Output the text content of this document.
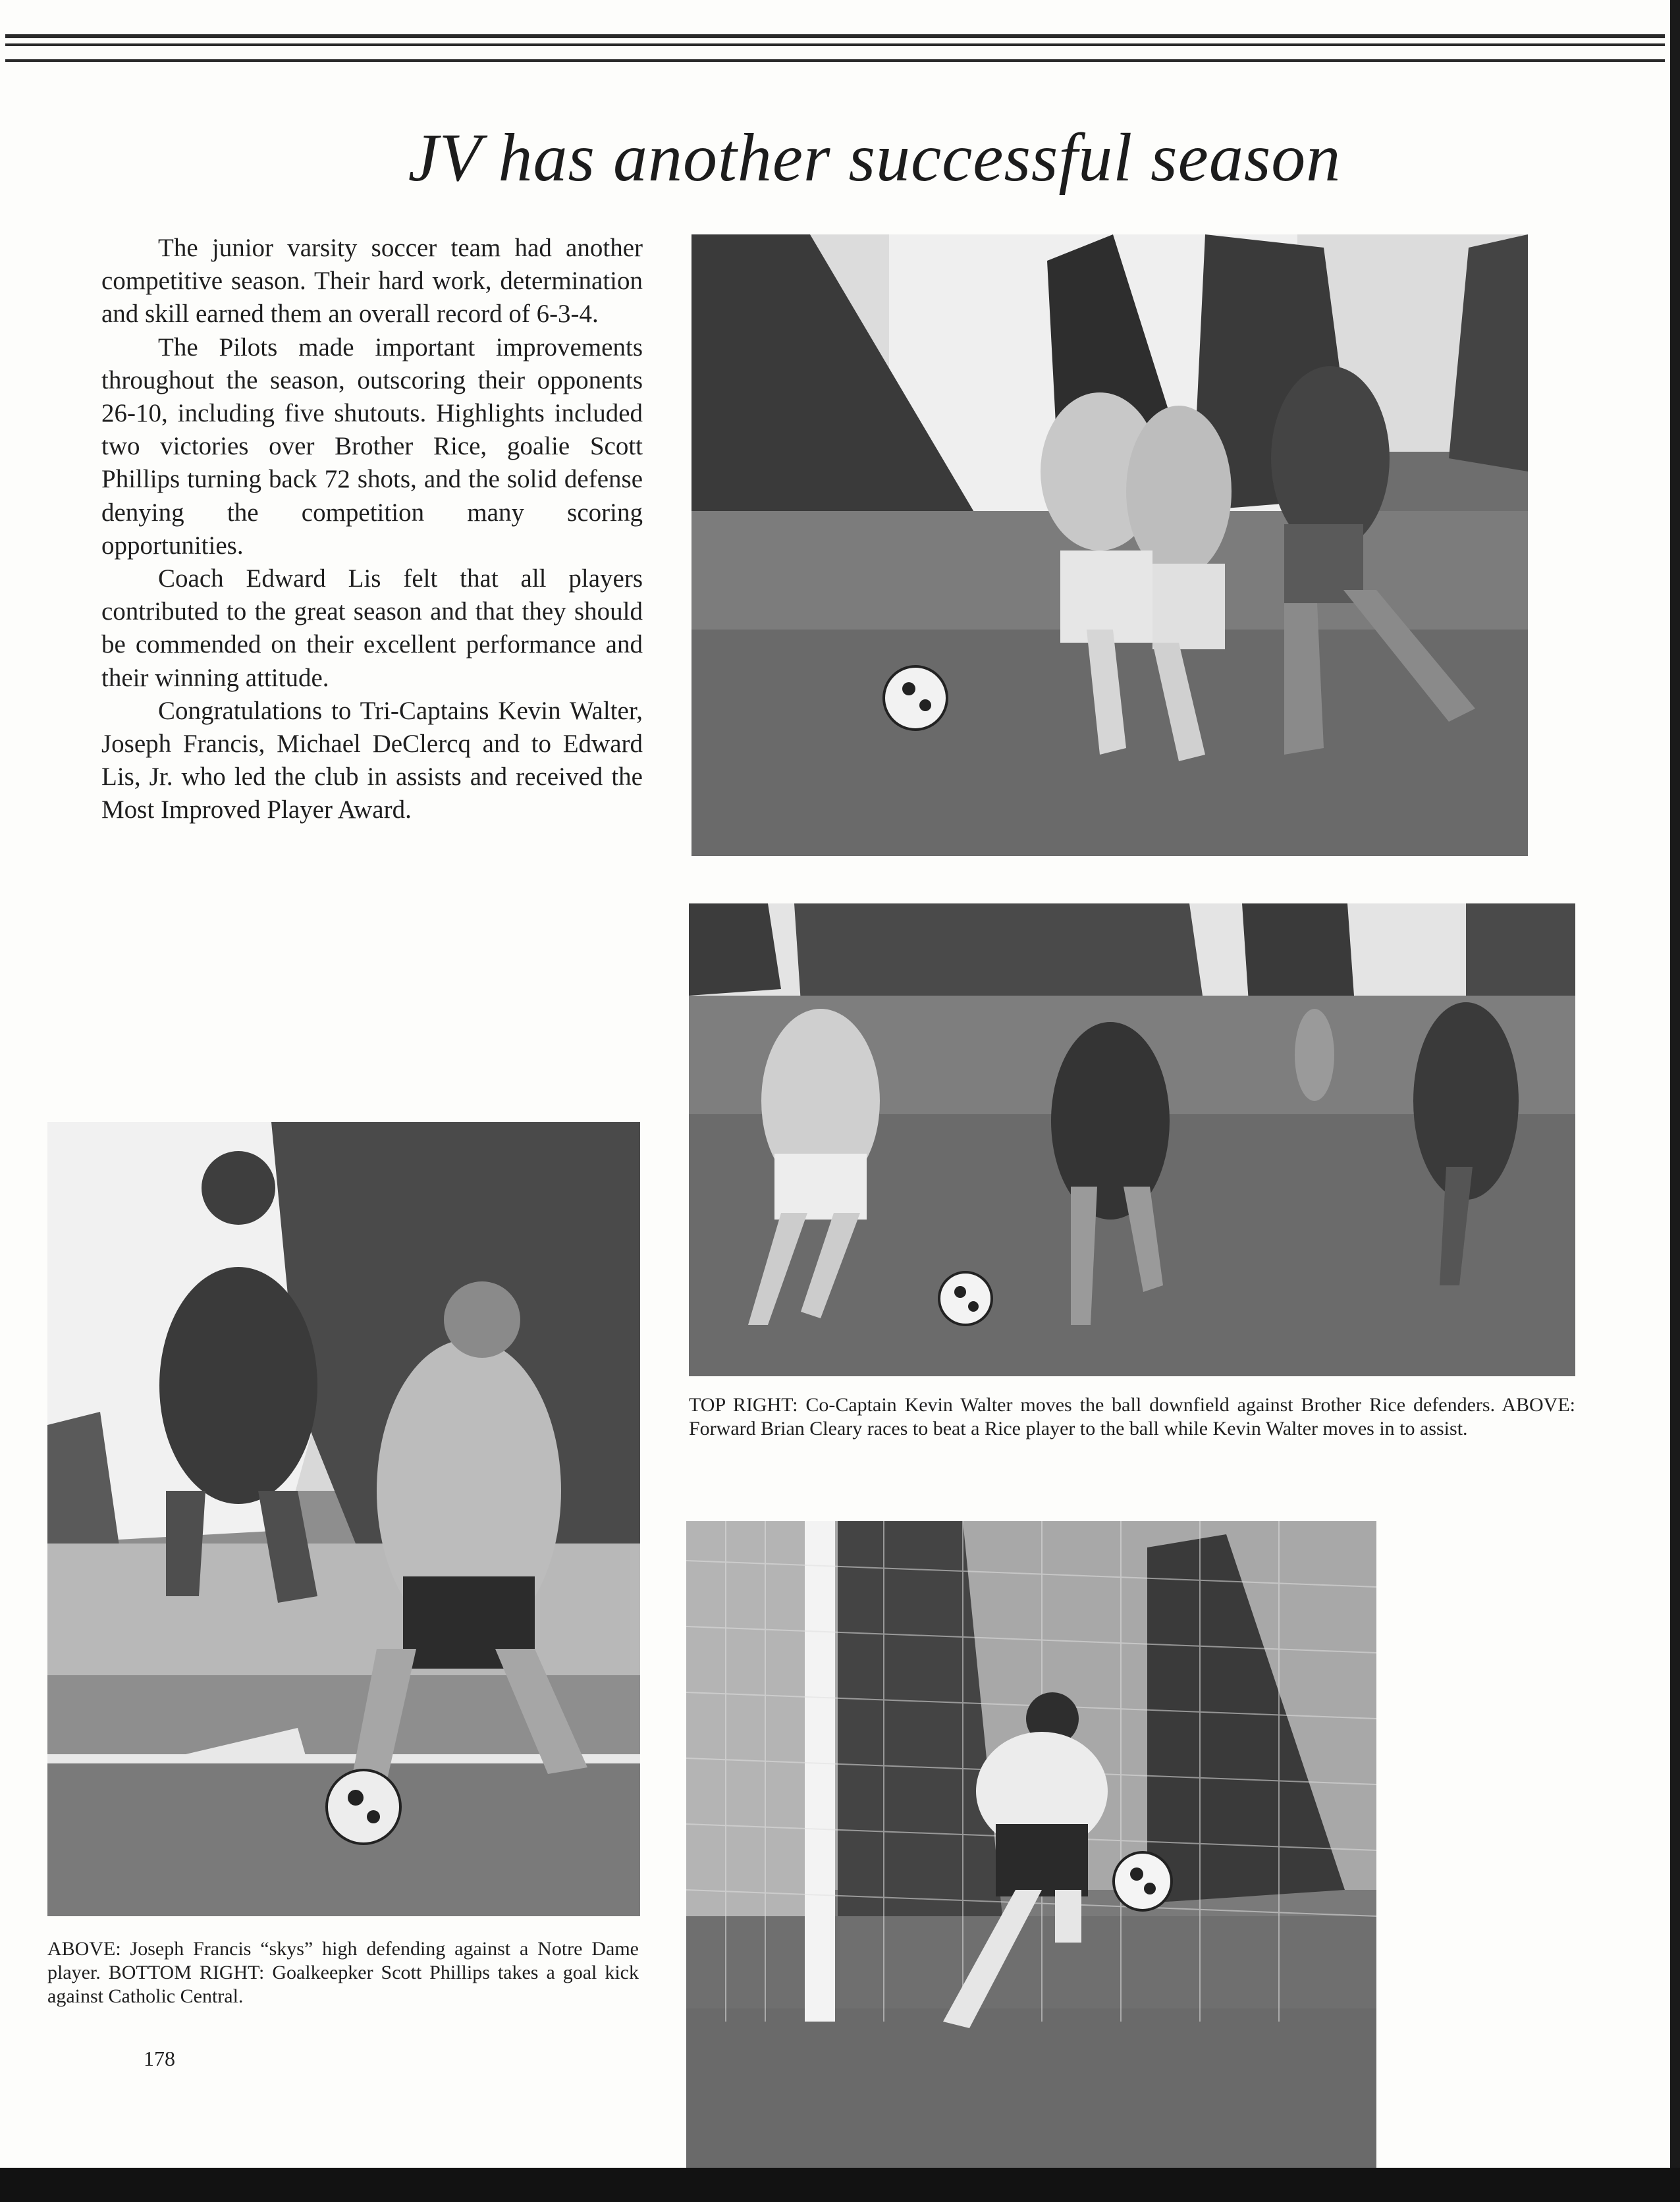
JV has another successful season

The junior varsity soccer team had another competitive season. Their hard work, determination and skill earned them an overall record of 6-3-4.

The Pilots made important improvements throughout the season, outscoring their opponents 26-10, including five shutouts. Highlights included two victories over Brother Rice, goalie Scott Phillips turning back 72 shots, and the solid defense denying the competition many scoring opportunities.

Coach Edward Lis felt that all players contributed to the great season and that they should be commended on their excellent performance and their winning attitude.

Congratulations to Tri-Captains Kevin Walter, Joseph Francis, Michael DeClercq and to Edward Lis, Jr. who led the club in assists and received the Most Improved Player Award.

TOP RIGHT: Co-Captain Kevin Walter moves the ball downfield against Brother Rice defenders. ABOVE: Forward Brian Cleary races to beat a Rice player to the ball while Kevin Walter moves in to assist.

ABOVE: Joseph Francis “skys” high defending against a Notre Dame player. BOTTOM RIGHT: Goalkeepker Scott Phillips takes a goal kick against Catholic Central.

178
